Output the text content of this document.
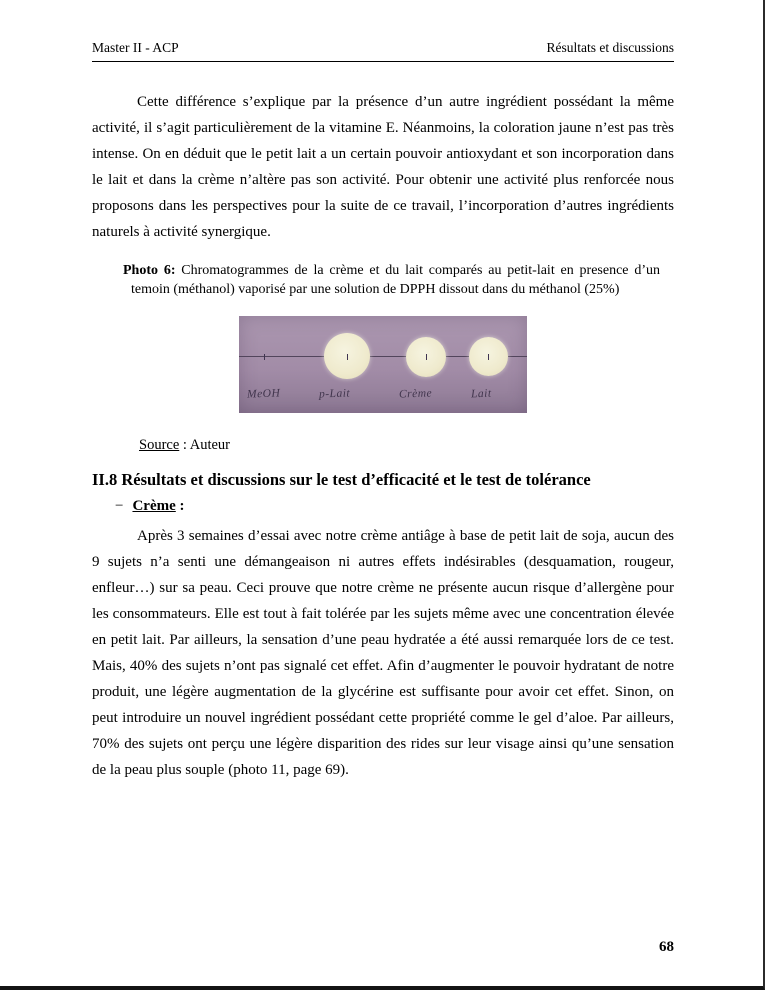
Master II - ACP	Résultats et discussions

Cette différence s’explique par la présence d’un autre ingrédient possédant la même activité, il s’agit particulièrement de la vitamine E. Néanmoins, la coloration jaune n’est pas très intense. On en déduit que le petit lait a un certain pouvoir antioxydant et son incorporation dans le lait et dans la crème n’altère pas son activité. Pour obtenir une activité plus renforcée nous proposons dans les perspectives pour la suite de ce travail, l’incorporation d’autres ingrédients naturels à activité synergique.

Photo 6: Chromatogrammes de la crème et du lait comparés au petit-lait en presence d’un temoin (méthanol) vaporisé par une solution de DPPH dissout dans du méthanol (25%)

MeOH	p-Lait	Crème	Lait

Source : Auteur

II.8 Résultats et discussions sur le test d’efficacité et le test de tolérance

− Crème :

Après 3 semaines d’essai avec notre crème antiâge à base de petit lait de soja, aucun des 9 sujets n’a senti une démangeaison ni autres effets indésirables (desquamation, rougeur, enfleur…) sur sa peau. Ceci prouve que notre crème ne présente aucun risque d’allergène pour les consommateurs. Elle est tout à fait tolérée par les sujets même avec une concentration élevée en petit lait. Par ailleurs, la sensation d’une peau hydratée a été aussi remarquée lors de ce test. Mais, 40% des sujets n’ont pas signalé cet effet. Afin d’augmenter le pouvoir hydratant de notre produit, une légère augmentation de la glycérine est suffisante pour avoir cet effet. Sinon, on peut introduire un nouvel ingrédient possédant cette propriété comme le gel d’aloe. Par ailleurs, 70% des sujets ont perçu une légère disparition des rides sur leur visage ainsi qu’une sensation de la peau plus souple (photo 11, page 69).

68
